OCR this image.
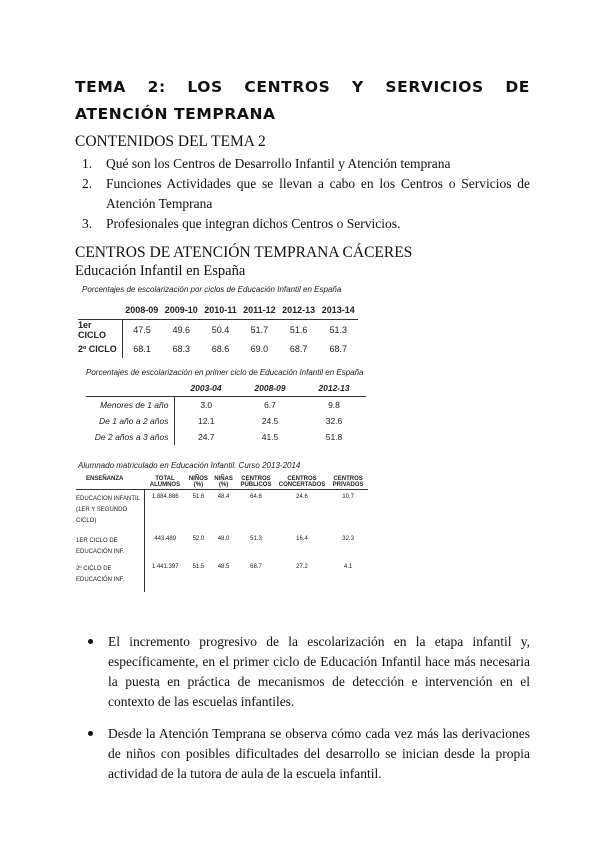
TEMA 2: LOS CENTROS Y SERVICIOS DE ATENCIÓN TEMPRANA
CONTENIDOS DEL TEMA 2
1. Qué son los Centros de Desarrollo Infantil y Atención temprana
2. Funciones Actividades que se llevan a cabo en los Centros o Servicios de Atención Temprana
3. Profesionales que integran dichos Centros o Servicios.
CENTROS DE ATENCIÓN TEMPRANA CÁCERES
Educación Infantil en España
Porcentajes de escolarización por ciclos de Educación Infantil en España
	2008-09	2009-10	2010-11	2011-12	2012-13	2013-14
1er CICLO	47.5	49.6	50.4	51.7	51.6	51.3
2º CICLO	68.1	68.3	68.6	69.0	68.7	68.7
Porcentajes de escolarización en primer ciclo de Educación Infantil en España
	2003-04	2008-09	2012-13
Menores de 1 año	3.0	6.7	9.8
De 1 año a 2 años	12.1	24.5	32.6
De 2 años a 3 años	24.7	41.5	51.8
Alumnado matriculado en Educación Infantil. Curso 2013-2014
ENSEÑANZA	TOTAL ALUMNOS	NIÑOS (%)	NIÑAS (%)	CENTROS PÚBLICOS	CENTROS CONCERTADOS	CENTROS PRIVADOS
EDUCACION INFANTIL (1ER Y SEGUNDO CICLO)	1.884.886	51.6	48.4	64.6	24.6	10.7
1ER CICLO DE EDUCACIÓN INF.	443.489	52.0	48.0	51.3	16.4	32.3
2º CICLO DE EDUCACIÓN INF.	1.441.397	51.5	48.5	68.7	27.2	4.1
El incremento progresivo de la escolarización en la etapa infantil y, específicamente, en el primer ciclo de Educación Infantil hace más necesaria la puesta en práctica de mecanismos de detección e intervención en el contexto de las escuelas infantiles.
Desde la Atención Temprana se observa cómo cada vez más las derivaciones de niños con posibles dificultades del desarrollo se inician desde la propia actividad de la tutora de aula de la escuela infantil.
